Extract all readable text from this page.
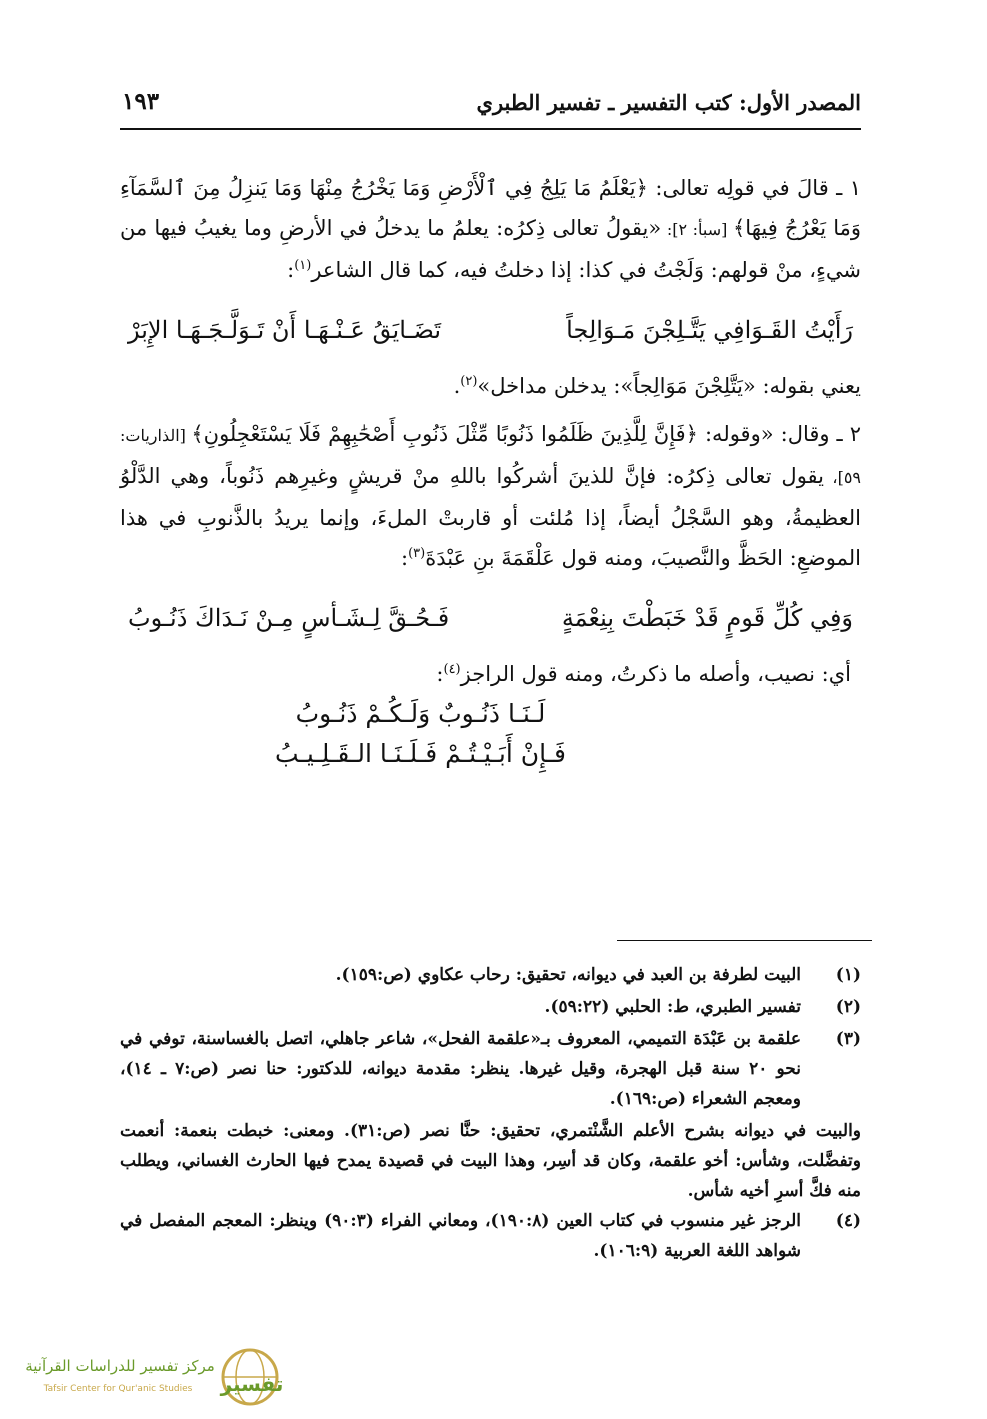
المصدر الأول: كتب التفسير ـ تفسير الطبري
١٩٣

١ ـ قالَ في قولِه تعالى: ﴿يَعْلَمُ مَا يَلِجُ فِي ٱلْأَرْضِ وَمَا يَخْرُجُ مِنْهَا وَمَا يَنزِلُ مِنَ ٱلسَّمَآءِ وَمَا يَعْرُجُ فِيهَا﴾ [سبأ: ٢]: «يقولُ تعالى ذِكرُه: يعلمُ ما يدخلُ في الأرضِ وما يغيبُ فيها من شيءٍ، منْ قولهم: وَلَجْتُ في كذا: إذا دخلتُ فيه، كما قال الشاعر$^{(١)}$:

رَأَيْتُ القَـوَافِي يَتَّـلِجْنَ مَـوَالِجاً
تَضَـايَقُ عَـنْـهَـا أَنْ تَـوَلَّـجَـهَـا الإِبَرْ

يعني بقوله: «يَتَّلِجْنَ مَوَالِجاً»: يدخلن مداخل»$^{(٢)}$.

٢ ـ وقال: «وقوله: ﴿فَإِنَّ لِلَّذِينَ ظَلَمُوا ذَنُوبًا مِّثْلَ ذَنُوبِ أَصْحَٰبِهِمْ فَلَا يَسْتَعْجِلُونِ﴾ [الذاريات: ٥٩]، يقول تعالى ذِكرُه: فإنَّ للذينَ أشركُوا باللهِ منْ قريشٍ وغيرِهم ذَنُوباً، وهي الدَّلْوُ العظيمةُ، وهو السَّجْلُ أيضاً، إذا مُلئت أو قاربتْ الملءَ، وإنما يريدُ بالذَّنوبِ في هذا الموضعِ: الحَظَّ والنَّصيبَ، ومنه قول عَلْقَمَةَ بنِ عَبْدَةَ$^{(٣)}$:

وَفِي كُلِّ قَومٍ قَدْ خَبَطْتَ بِنِعْمَةٍ
فَـحُـقَّ لِـشَـأسٍ مِـنْ نَـدَاكَ ذَنُـوبُ

أي: نصيب، وأصله ما ذكرتُ، ومنه قول الراجز$^{(٤)}$:

لَـنَـا ذَنُـوبٌ وَلَـكُـمْ ذَنُـوبُ
فَـإِنْ أَبَـيْـتُـمْ فَـلَـنَـا الـقَـلِـيـبُ
(١)
البيت لطرفة بن العبد في ديوانه، تحقيق: رحاب عكاوي (ص:١٥٩).
(٢)
تفسير الطبري، ط: الحلبي (٥٩:٢٢).
(٣)
علقمة بن عَبْدَة التميمي، المعروف بـ«علقمة الفحل»، شاعر جاهلي، اتصل بالغساسنة، توفي في نحو ٢٠ سنة قبل الهجرة، وقيل غيرها. ينظر: مقدمة ديوانه، للدكتور: حنا نصر (ص:٧ ـ ١٤)، ومعجم الشعراء (ص:١٦٩).
والبيت في ديوانه بشرح الأعلم الشَّنْتمري، تحقيق: حنَّا نصر (ص:٣١). ومعنى: خبطت بنعمة: أنعمت وتفضَّلت، وشأس: أخو علقمة، وكان قد أسِر، وهذا البيت في قصيدة يمدح فيها الحارث الغساني، ويطلب منه فكَّ أسرِ أخيه شأس.
(٤)
الرجز غير منسوب في كتاب العين (١٩٠:٨)، ومعاني الفراء (٩٠:٣) وينظر: المعجم المفصل في شواهد اللغة العربية (١٠٦:٩).
تفسير
مركز تفسير للدراسات القرآنية
Tafsir Center for Qur'anic Studies
